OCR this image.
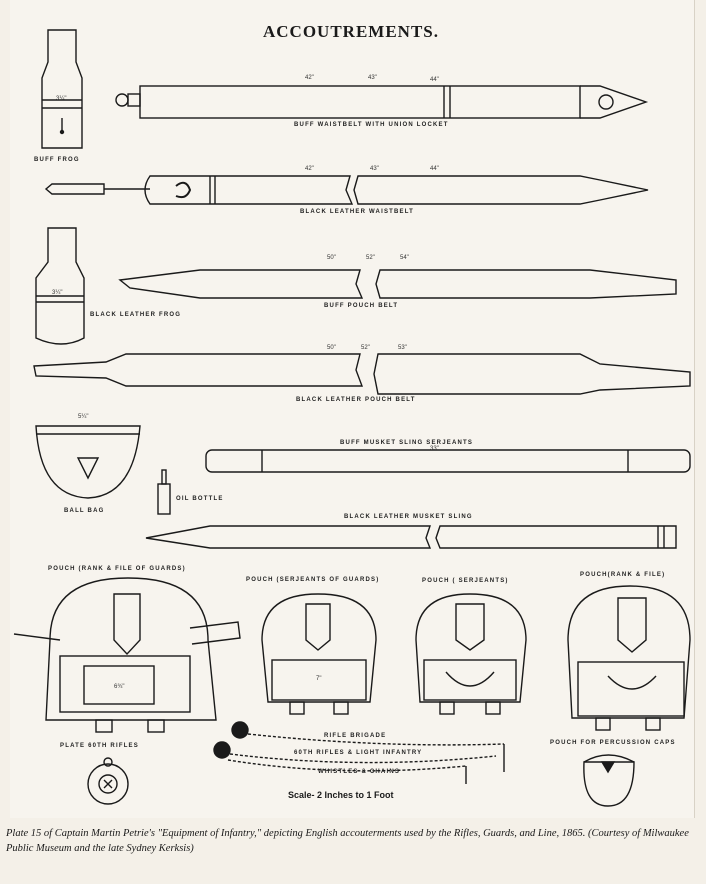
ACCOUTREMENTS.
BUFF FROG
BUFF WAISTBELT WITH UNION LOCKET
BLACK LEATHER WAISTBELT
BLACK LEATHER FROG
BUFF POUCH BELT
BLACK LEATHER POUCH BELT
BALL BAG
OIL BOTTLE
BUFF MUSKET SLING SERJEANTS
BLACK LEATHER MUSKET SLING
POUCH (RANK & FILE OF GUARDS)
POUCH (SERJEANTS OF GUARDS)	POUCH ( SERJEANTS)
POUCH(RANK & FILE)
PLATE 60TH RIFLES
RIFLE BRIGADE
60TH RIFLES & LIGHT INFANTRY
WHISTLES & CHAINS
POUCH FOR PERCUSSION CAPS
42"	43"	44"
42"	43"	44"
50"	52"	54"
50"	52"	53"
3¼"
3¼"
5¼"
33"
6¾"
7"
Scale- 2 Inches to 1 Foot
Plate 15 of Captain Martin Petrie's "Equipment of Infantry," depicting English accouterments used by the Rifles, Guards, and Line, 1865. (Courtesy of Milwaukee Public Museum and the late Sydney Kerksis)
